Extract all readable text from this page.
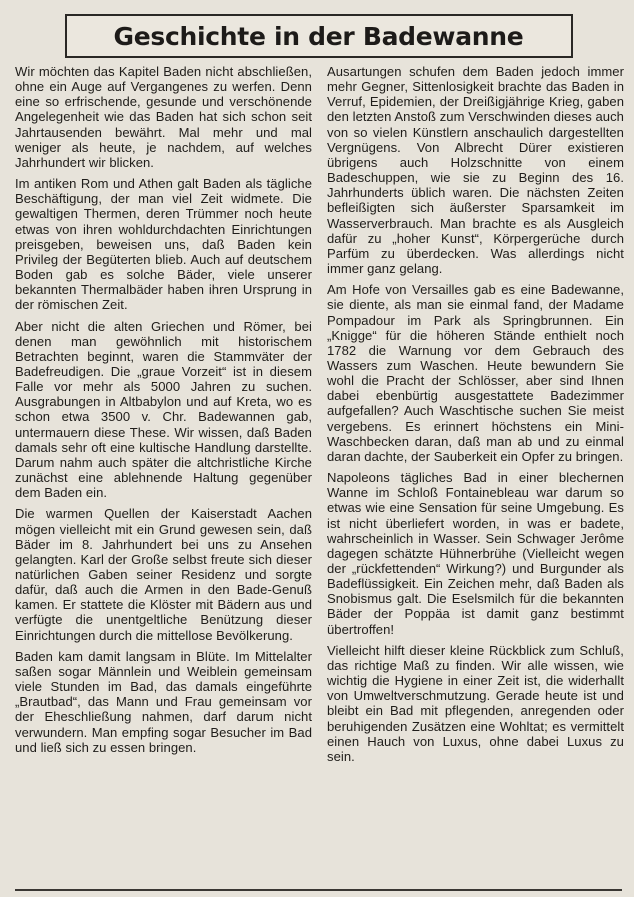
Geschichte in der Badewanne

Wir möchten das Kapitel Baden nicht abschließen, ohne ein Auge auf Vergangenes zu werfen. Denn eine so erfrischende, gesunde und verschönende Angelegenheit wie das Baden hat sich schon seit Jahrtausenden bewährt. Mal mehr und mal weniger als heute, je nachdem, auf welches Jahrhundert wir blicken.

Im antiken Rom und Athen galt Baden als tägliche Beschäftigung, der man viel Zeit widmete. Die gewaltigen Thermen, deren Trümmer noch heute etwas von ihren wohldurchdachten Einrichtungen preisgeben, beweisen uns, daß Baden kein Privileg der Begüterten blieb. Auch auf deutschem Boden gab es solche Bäder, viele unserer bekannten Thermalbäder haben ihren Ursprung in der römischen Zeit.

Aber nicht die alten Griechen und Römer, bei denen man gewöhnlich mit historischem Betrachten beginnt, waren die Stammväter der Badefreudigen. Die „graue Vorzeit“ ist in diesem Falle vor mehr als 5000 Jahren zu suchen. Ausgrabungen in Altbabylon und auf Kreta, wo es schon etwa 3500 v. Chr. Badewannen gab, untermauern diese These. Wir wissen, daß Baden damals sehr oft eine kultische Handlung darstellte. Darum nahm auch später die altchristliche Kirche zunächst eine ablehnende Haltung gegenüber dem Baden ein.

Die warmen Quellen der Kaiserstadt Aachen mögen vielleicht mit ein Grund gewesen sein, daß Bäder im 8. Jahrhundert bei uns zu Ansehen gelangten. Karl der Große selbst freute sich dieser natürlichen Gaben seiner Residenz und sorgte dafür, daß auch die Armen in den Bade-Genuß kamen. Er stattete die Klöster mit Bädern aus und verfügte die unentgeltliche Benützung dieser Einrichtungen durch die mittellose Bevölkerung.

Baden kam damit langsam in Blüte. Im Mittelalter saßen sogar Männlein und Weiblein gemeinsam viele Stunden im Bad, das damals eingeführte „Brautbad“, das Mann und Frau gemeinsam vor der Eheschließung nahmen, darf darum nicht verwundern. Man empfing sogar Besucher im Bad und ließ sich zu essen bringen.

Ausartungen schufen dem Baden jedoch immer mehr Gegner, Sittenlosigkeit brachte das Baden in Verruf, Epidemien, der Dreißigjährige Krieg, gaben den letzten Anstoß zum Verschwinden dieses auch von so vielen Künstlern anschaulich dargestellten Vergnügens. Von Albrecht Dürer existieren übrigens auch Holzschnitte von einem Badeschuppen, wie sie zu Beginn des 16. Jahrhunderts üblich waren. Die nächsten Zeiten befleißigten sich äußerster Sparsamkeit im Wasserverbrauch. Man brachte es als Ausgleich dafür zu „hoher Kunst“, Körpergerüche durch Parfüm zu überdecken. Was allerdings nicht immer ganz gelang.

Am Hofe von Versailles gab es eine Badewanne, sie diente, als man sie einmal fand, der Madame Pompadour im Park als Springbrunnen. Ein „Knigge“ für die höheren Stände enthielt noch 1782 die Warnung vor dem Gebrauch des Wassers zum Waschen. Heute bewundern Sie wohl die Pracht der Schlösser, aber sind Ihnen dabei ebenbürtig ausgestattete Badezimmer aufgefallen? Auch Waschtische suchen Sie meist vergebens. Es erinnert höchstens ein Mini-Waschbecken daran, daß man ab und zu einmal daran dachte, der Sauberkeit ein Opfer zu bringen.

Napoleons tägliches Bad in einer blechernen Wanne im Schloß Fontainebleau war darum so etwas wie eine Sensation für seine Umgebung. Es ist nicht überliefert worden, in was er badete, wahrscheinlich in Wasser. Sein Schwager Jerôme dagegen schätzte Hühnerbrühe (Vielleicht wegen der „rückfettenden“ Wirkung?) und Burgunder als Badeflüssigkeit. Ein Zeichen mehr, daß Baden als Snobismus galt. Die Eselsmilch für die bekannten Bäder der Poppäa ist damit ganz bestimmt übertroffen!

Vielleicht hilft dieser kleine Rückblick zum Schluß, das richtige Maß zu finden. Wir alle wissen, wie wichtig die Hygiene in einer Zeit ist, die widerhallt von Umweltverschmutzung. Gerade heute ist und bleibt ein Bad mit pflegenden, anregenden oder beruhigenden Zusätzen eine Wohltat; es vermittelt einen Hauch von Luxus, ohne dabei Luxus zu sein.
